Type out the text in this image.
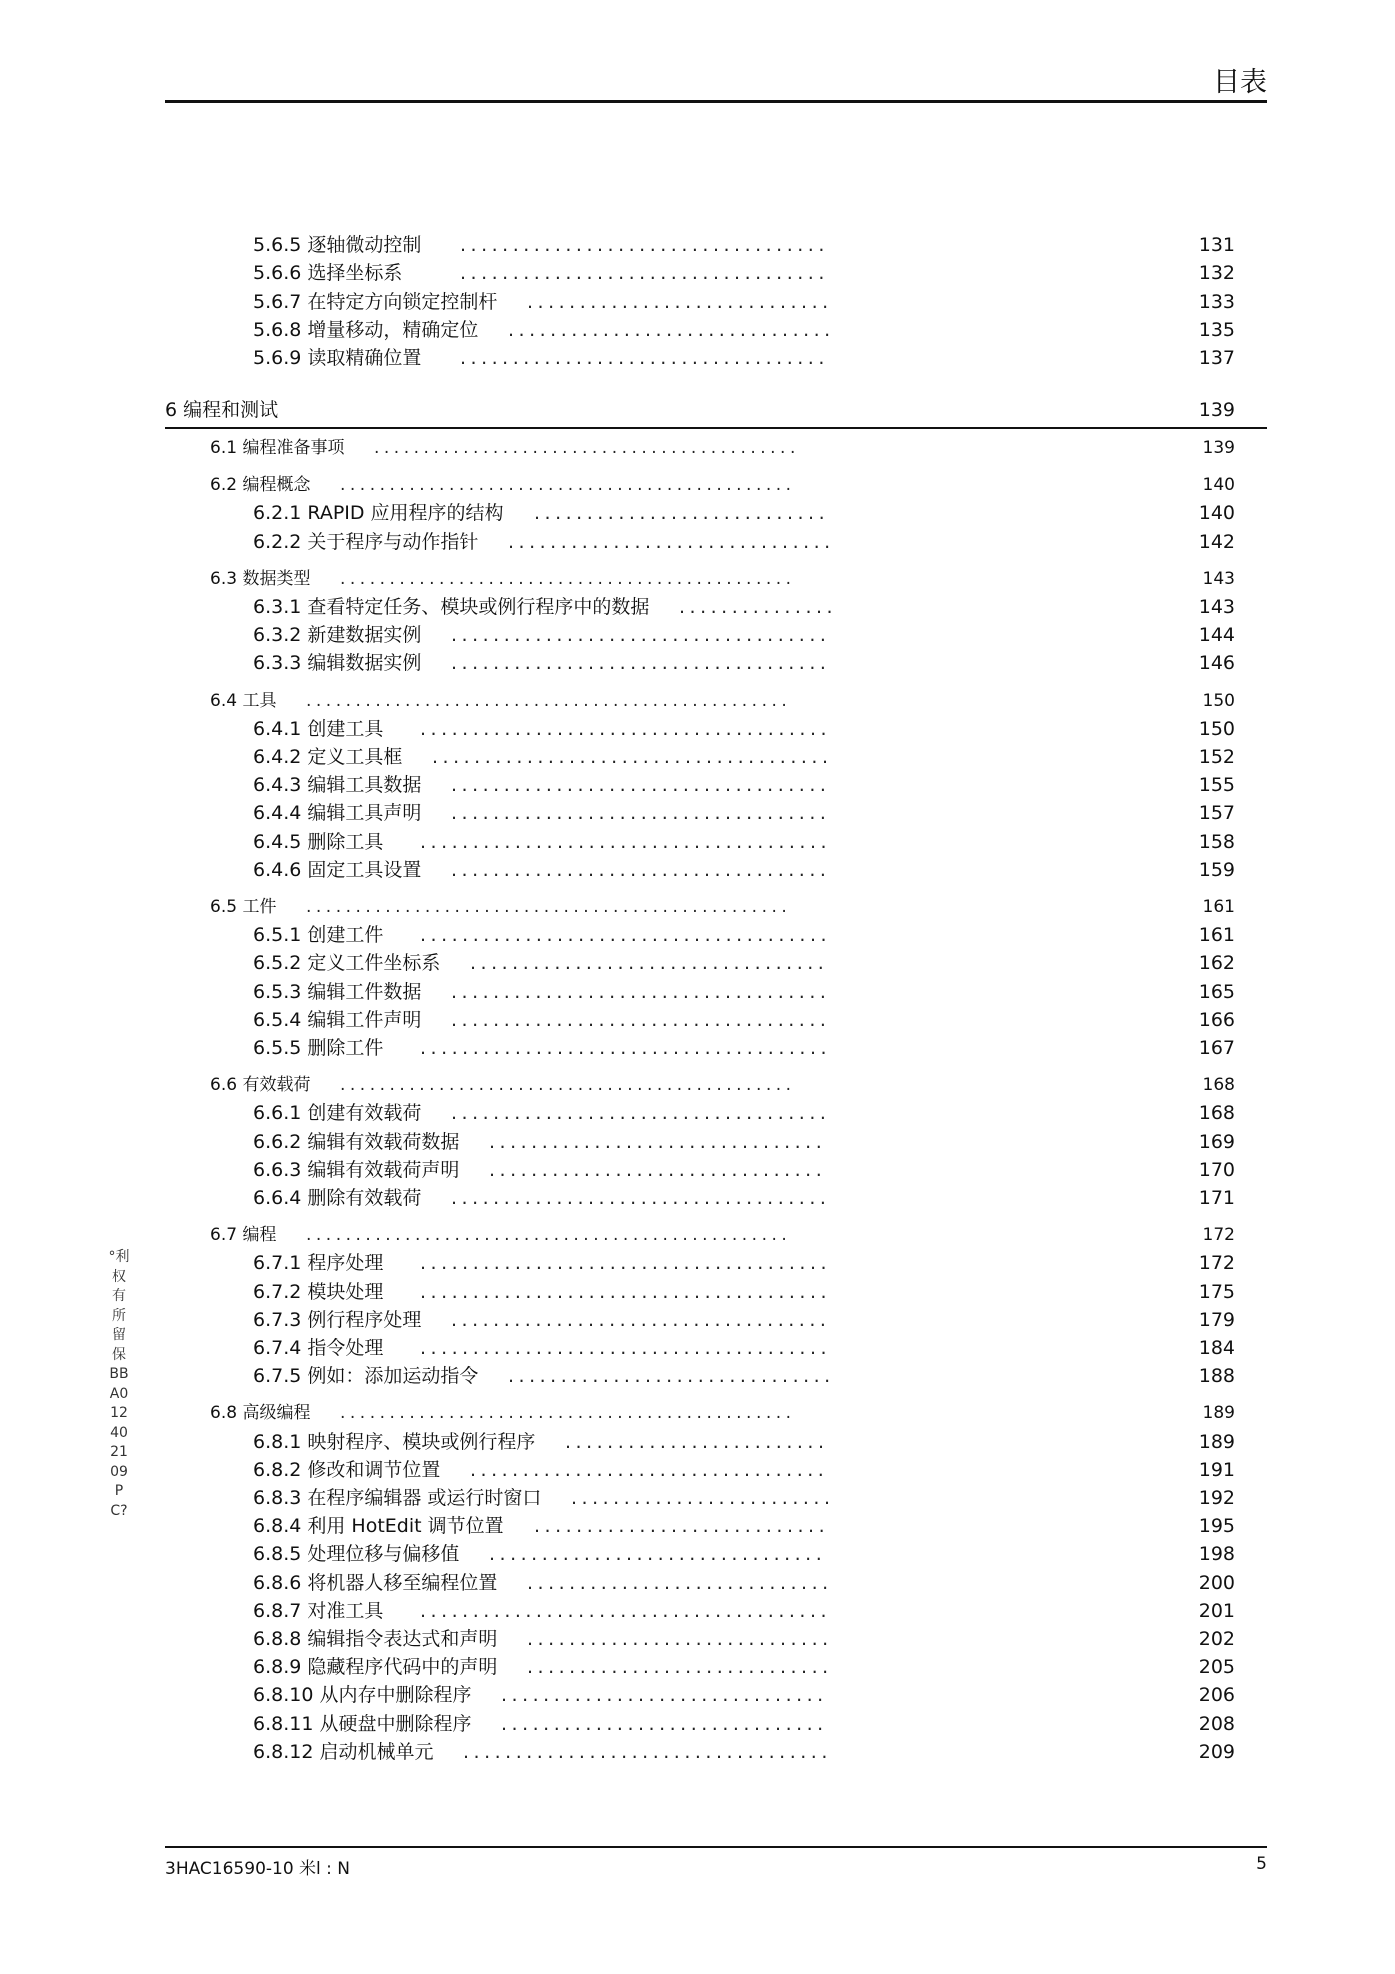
目表
5.6.5 逐轴微动控制 ...................................	131
5.6.6 选择坐标系	...................................	132
5.6.7 在特定方向锁定控制杆 .............................	133
5.6.8 增量移动，精确定位 ...............................	135
5.6.9 读取精确位置 ...................................	137
6 编程和测试	139
6.1 编程准备事项 ...........................................	139
6.2 编程概念 ..............................................	140
6.2.1 RAPID 应用程序的结构 ............................	140
6.2.2 关于程序与动作指针 ...............................	142
6.3 数据类型 ..............................................	143
6.3.1 查看特定任务、模块或例行程序中的数据 ...............	143
6.3.2 新建数据实例 ....................................	144
6.3.3 编辑数据实例 ....................................	146
6.4 工具 .................................................	150
6.4.1 创建工具 .......................................	150
6.4.2 定义工具框 ......................................	152
6.4.3 编辑工具数据 ....................................	155
6.4.4 编辑工具声明 ....................................	157
6.4.5 删除工具 .......................................	158
6.4.6 固定工具设置 ....................................	159
6.5 工件 .................................................	161
6.5.1 创建工件 .......................................	161
6.5.2 定义工件坐标系 ..................................	162
6.5.3 编辑工件数据 ....................................	165
6.5.4 编辑工件声明 ....................................	166
6.5.5 删除工件 .......................................	167
6.6 有效载荷 ..............................................	168
6.6.1 创建有效载荷 ....................................	168
6.6.2 编辑有效载荷数据 ................................	169
6.6.3 编辑有效载荷声明 ................................	170
6.6.4 删除有效载荷 ....................................	171
6.7 编程 .................................................	172
6.7.1 程序处理 .......................................	172
6.7.2 模块处理 .......................................	175
6.7.3 例行程序处理 ....................................	179
6.7.4 指令处理 .......................................	184
6.7.5 例如：添加运动指令 ...............................	188
6.8 高级编程 ..............................................	189
6.8.1 映射程序、模块或例行程序 .........................	189
6.8.2 修改和调节位置 ..................................	191
6.8.3 在程序编辑器 或运行时窗口 .........................	192
6.8.4 利用 HotEdit 调节位置 ............................	195
6.8.5 处理位移与偏移值 ................................	198
6.8.6 将机器人移至编程位置 .............................	200
6.8.7 对准工具 .......................................	201
6.8.8 编辑指令表达式和声明 .............................	202
6.8.9 隐藏程序代码中的声明 .............................	205
6.8.10 从内存中删除程序 ...............................	206
6.8.11 从硬盘中删除程序 ...............................	208
6.8.12 启动机械单元 ...................................	209
°利权有所留保BBA012402109PC?
3HAC16590-10 米l : N	5
